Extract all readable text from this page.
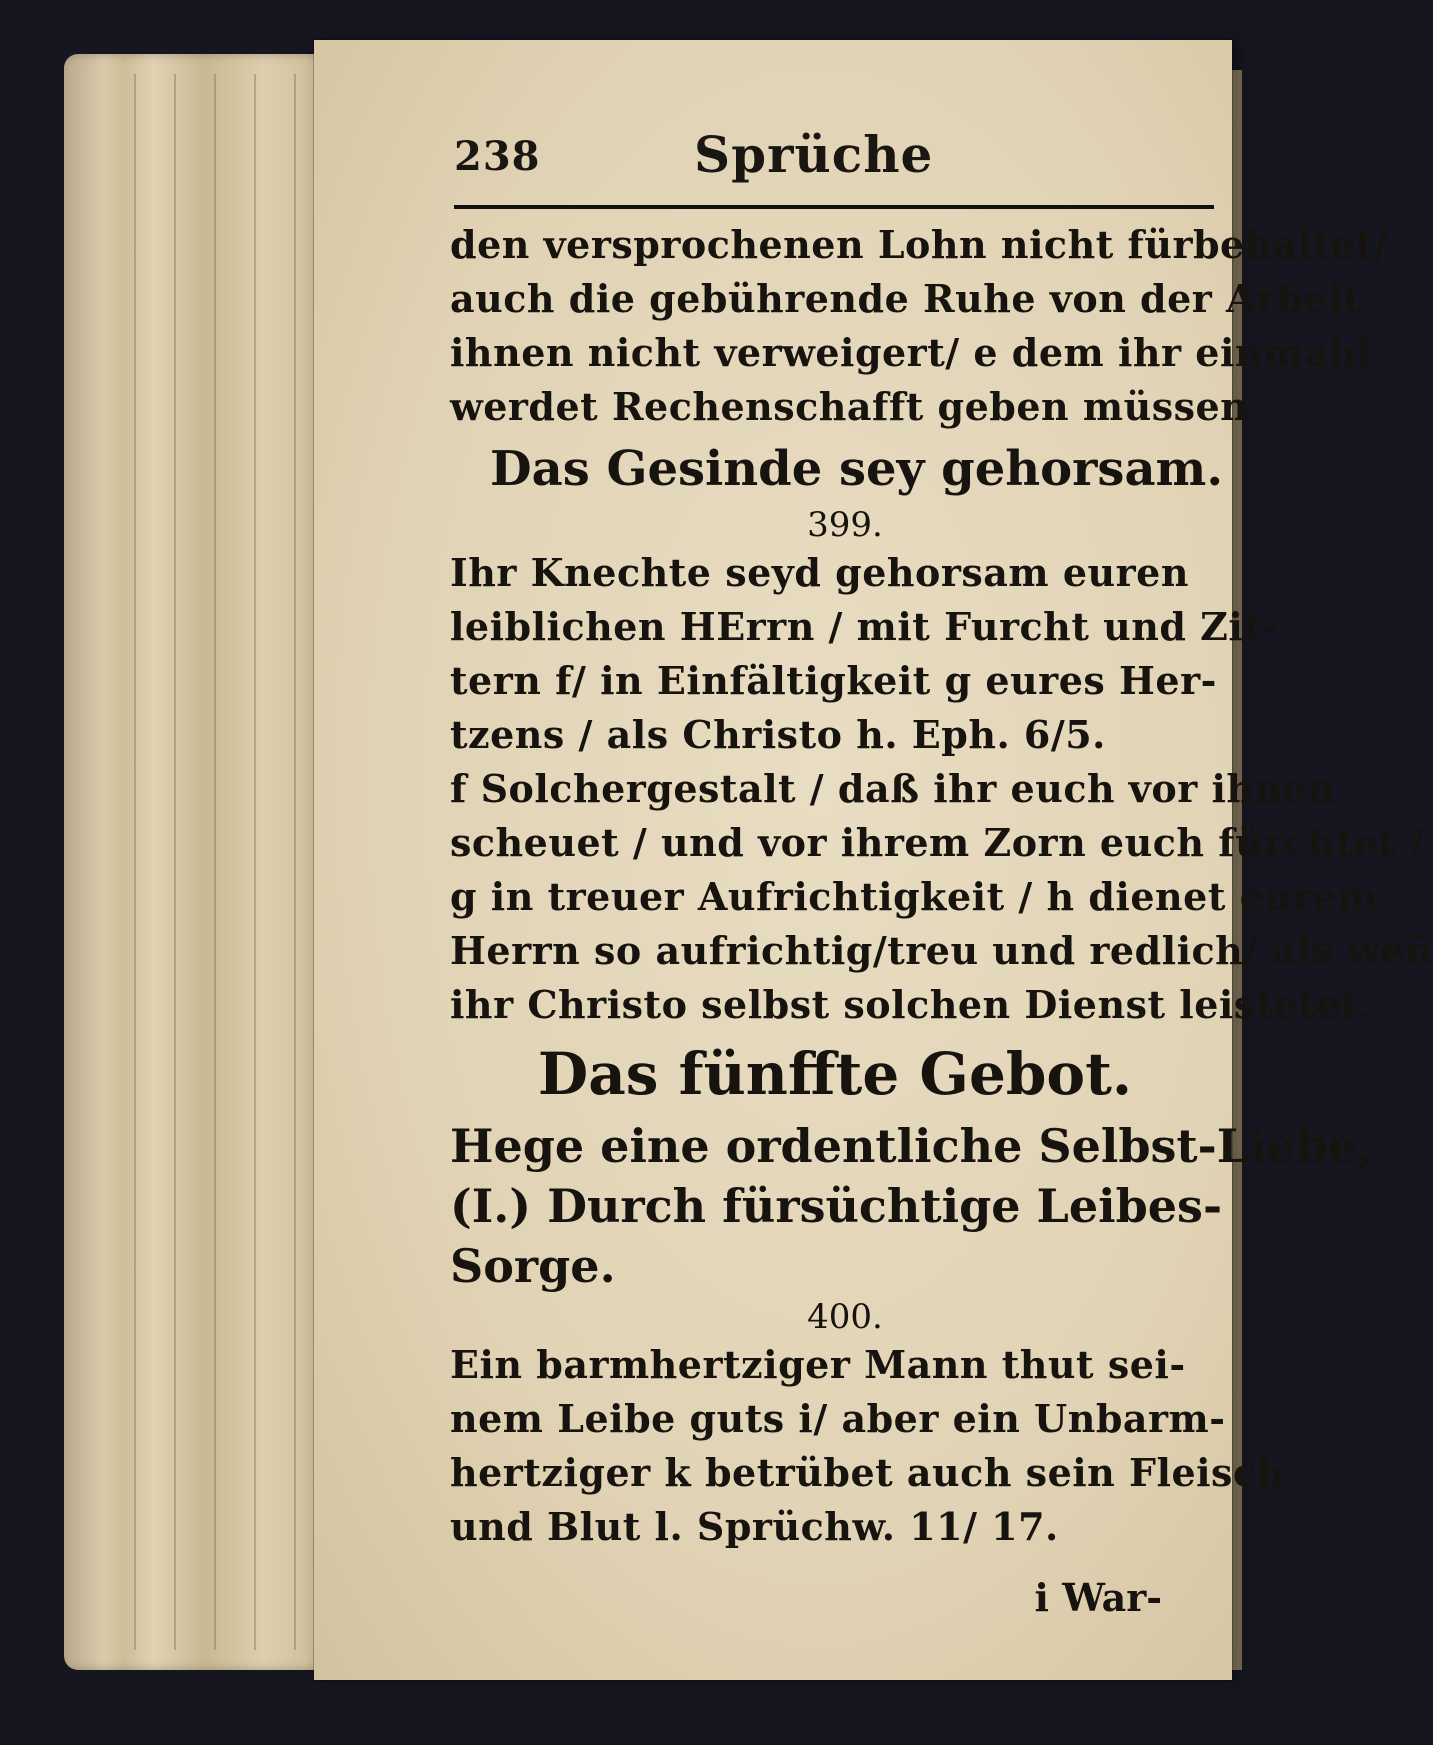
238	Sprüche
den versprochenen Lohn nicht fürbehaltet/
auch die gebührende Ruhe von der Arbeit
ihnen nicht verweigert/ e dem ihr einmahl
werdet Rechenschafft geben müssen.
Das Gesinde sey gehorsam.
399.
Ihr Knechte seyd gehorsam euren
leiblichen HErrn / mit Furcht und Zit-
tern f/ in Einfältigkeit g eures Her-
tzens / als Christo h. Eph. 6/5.
f Solchergestalt / daß ihr euch vor ihnen
scheuet / und vor ihrem Zorn euch fürchtet /
g in treuer Aufrichtigkeit / h dienet eurem
Herrn so aufrichtig/treu und redlich/ als weñ
ihr Christo selbst solchen Dienst leistetet.
Das fünffte Gebot.
Hege eine ordentliche Selbst-Liebe,
(I.) Durch fürsüchtige Leibes-
Sorge.
400.
Ein barmhertziger Mann thut sei-
nem Leibe guts i/ aber ein Unbarm-
hertziger k betrübet auch sein Fleisch
und Blut l. Sprüchw. 11/ 17.
i War-
